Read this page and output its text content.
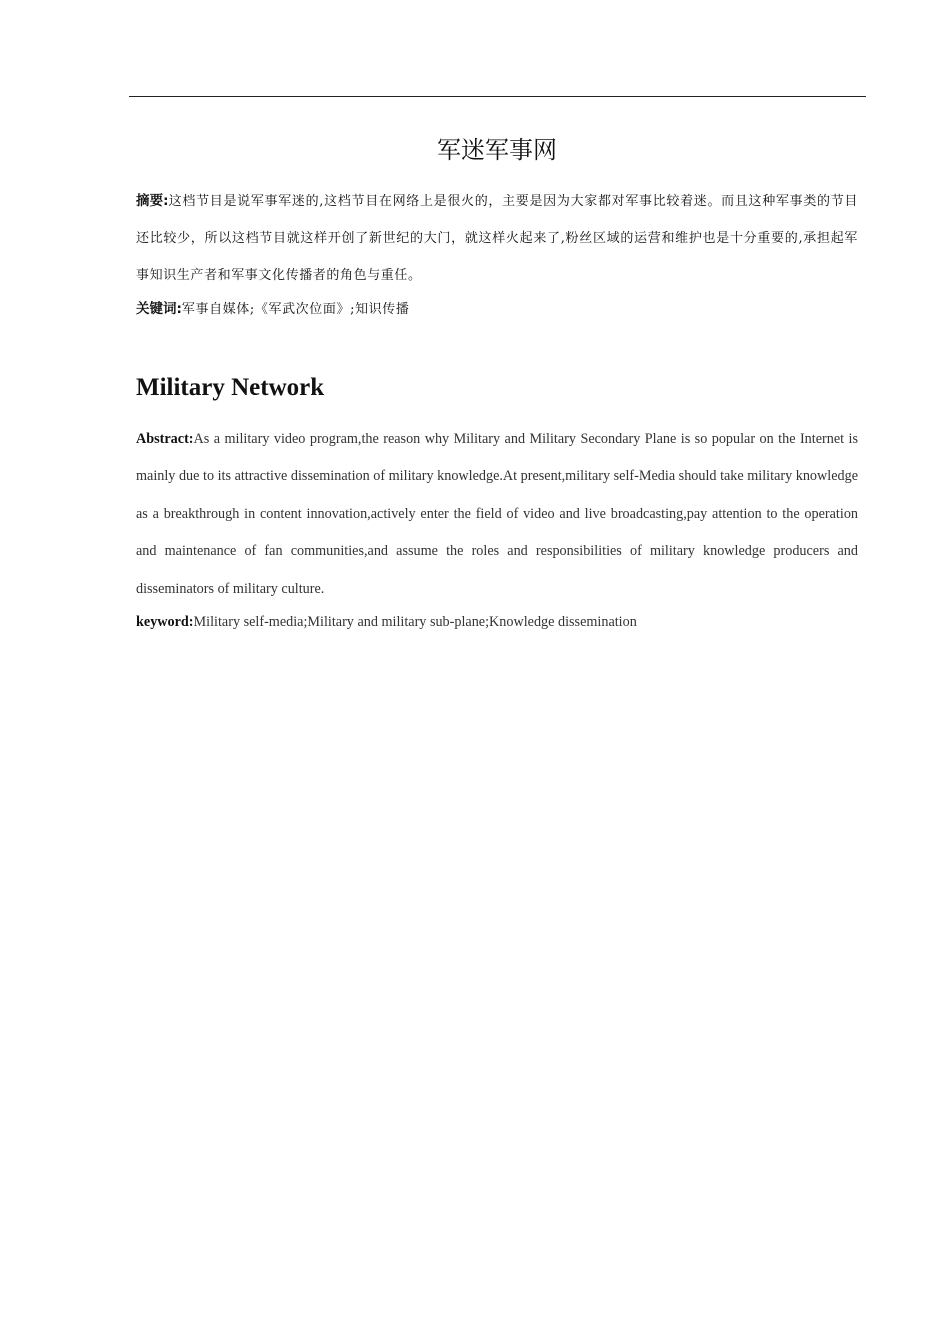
军迷军事网
摘要:这档节目是说军事军迷的,这档节目在网络上是很火的，主要是因为大家都对军事比较着迷。而且这种军事类的节目还比较少，所以这档节目就这样开创了新世纪的大门，就这样火起来了,粉丝区域的运营和维护也是十分重要的,承担起军事知识生产者和军事文化传播者的角色与重任。
关键词:军事自媒体;《军武次位面》;知识传播
Military Network
Abstract:As a military video program,the reason why Military and Military Secondary Plane is so popular on the Internet is mainly due to its attractive dissemination of military knowledge.At present,military self-Media should take military knowledge as a breakthrough in content innovation,actively enter the field of video and live broadcasting,pay attention to the operation and maintenance of fan communities,and assume the roles and responsibilities of military knowledge producers and disseminators of military culture.
keyword:Military self-media;Military and military sub-plane;Knowledge dissemination
